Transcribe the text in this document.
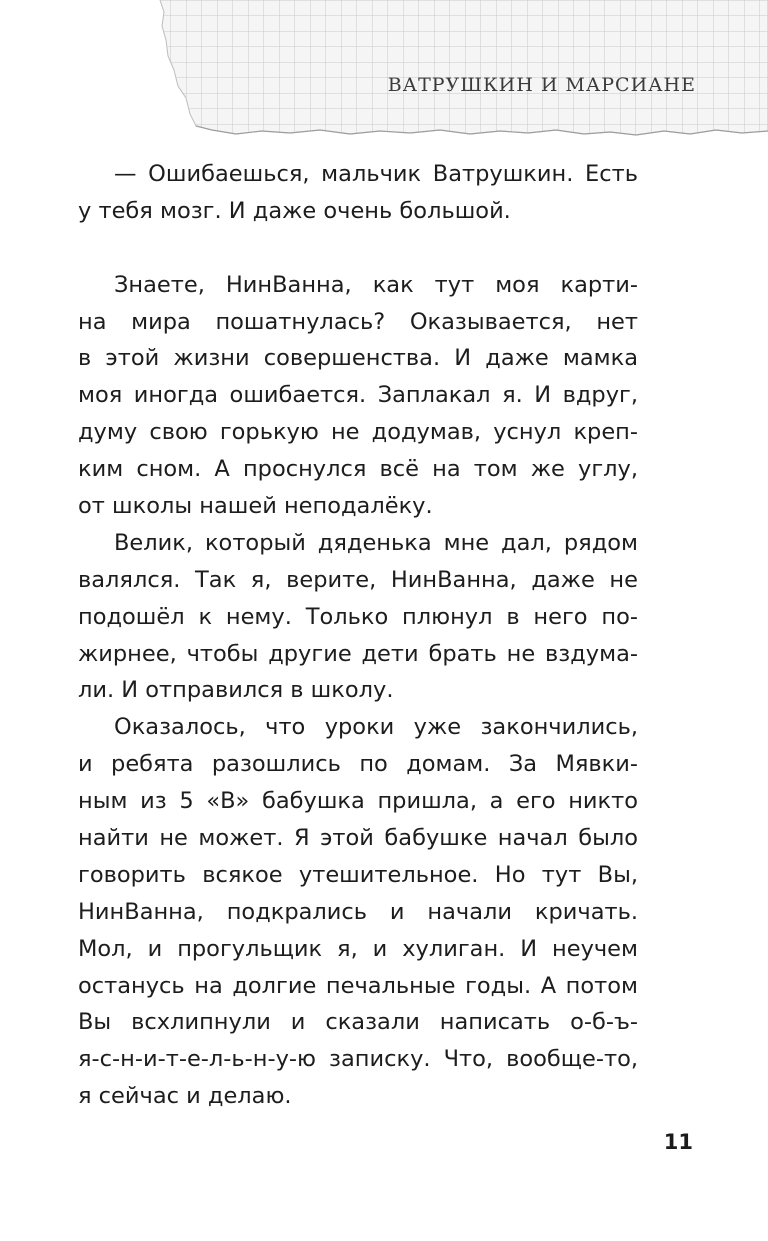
ВАТРУШКИН И МАРСИАНЕ
— Ошибаешься, мальчик Ватрушкин. Есть
у тебя мозг. И даже очень большой.
Знаете, НинВанна, как тут моя карти-
на мира пошатнулась? Оказывается, нет
в этой жизни совершенства. И даже мамка
моя иногда ошибается. Заплакал я. И вдруг,
думу свою горькую не додумав, уснул креп-
ким сном. А проснулся всё на том же углу,
от школы нашей неподалёку.
Велик, который дяденька мне дал, рядом
валялся. Так я, верите, НинВанна, даже не
подошёл к нему. Только плюнул в него по-
жирнее, чтобы другие дети брать не вздума-
ли. И отправился в школу.
Оказалось, что уроки уже закончились,
и ребята разошлись по домам. За Мявки-
ным из 5 «В» бабушка пришла, а его никто
найти не может. Я этой бабушке начал было
говорить всякое утешительное. Но тут Вы,
НинВанна, подкрались и начали кричать.
Мол, и прогульщик я, и хулиган. И неучем
останусь на долгие печальные годы. А потом
Вы всхлипнули и сказали написать о-б-ъ-
я-с-н-и-т-е-л-ь-н-у-ю записку. Что, вообще-то,
я сейчас и делаю.
11
